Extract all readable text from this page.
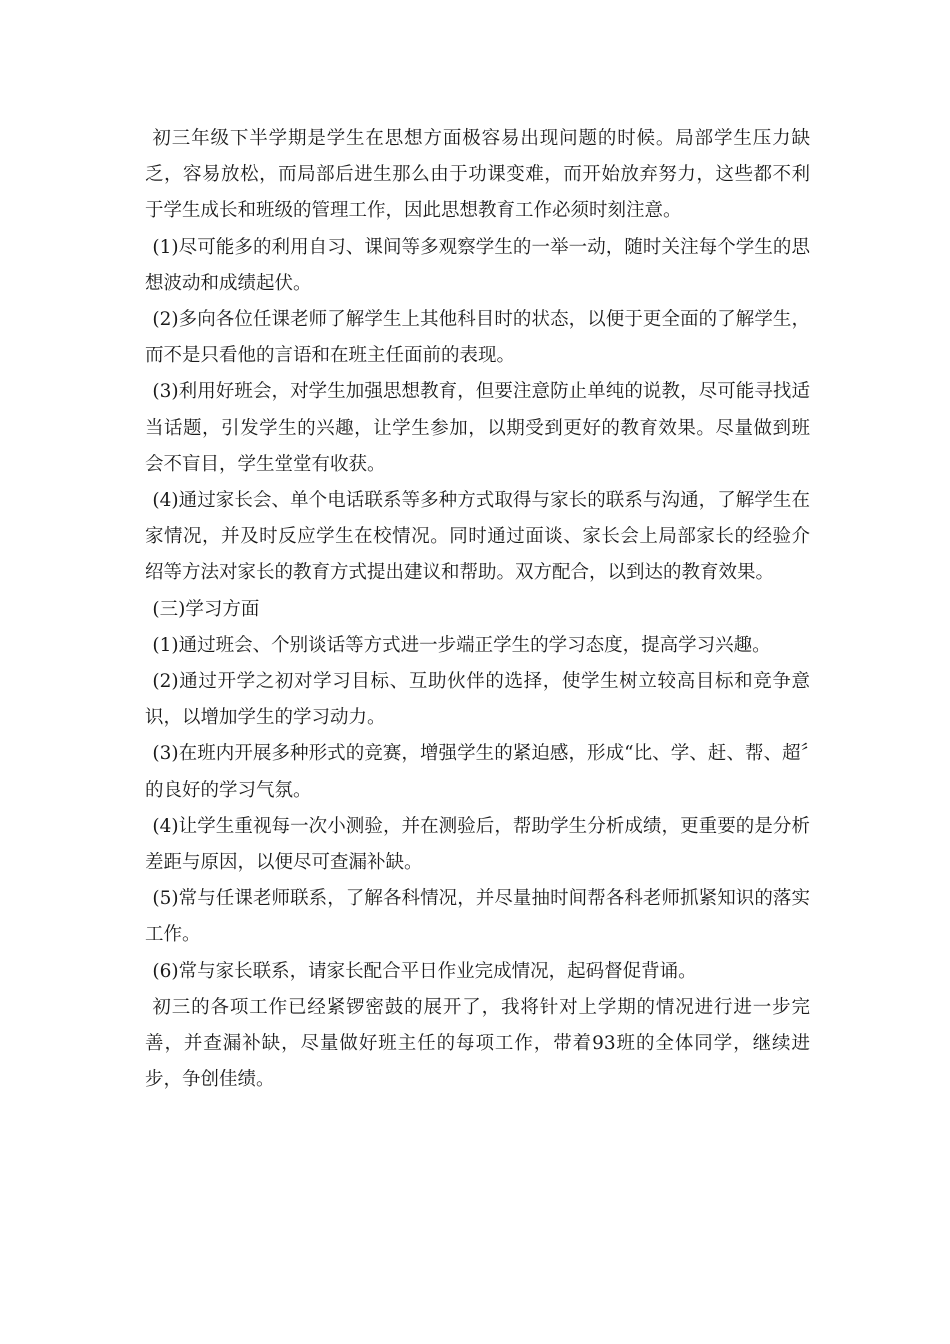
初三年级下半学期是学生在思想方面极容易出现问题的时候。局部学生压力缺乏，容易放松，而局部后进生那么由于功课变难，而开始放弃努力，这些都不利于学生成长和班级的管理工作，因此思想教育工作必须时刻注意。

(1)尽可能多的利用自习、课间等多观察学生的一举一动，随时关注每个学生的思想波动和成绩起伏。

(2)多向各位任课老师了解学生上其他科目时的状态，以便于更全面的了解学生，而不是只看他的言语和在班主任面前的表现。

(3)利用好班会，对学生加强思想教育，但要注意防止单纯的说教，尽可能寻找适当话题，引发学生的兴趣，让学生参加，以期受到更好的教育效果。尽量做到班会不盲目，学生堂堂有收获。

(4)通过家长会、单个电话联系等多种方式取得与家长的联系与沟通，了解学生在家情况，并及时反应学生在校情况。同时通过面谈、家长会上局部家长的经验介绍等方法对家长的教育方式提出建议和帮助。双方配合，以到达的教育效果。

(三)学习方面

(1)通过班会、个别谈话等方式进一步端正学生的学习态度，提高学习兴趣。

(2)通过开学之初对学习目标、互助伙伴的选择，使学生树立较高目标和竞争意识，以增加学生的学习动力。

(3)在班内开展多种形式的竞赛，增强学生的紧迫感，形成“比、学、赶、帮、超〞的良好的学习气氛。

(4)让学生重视每一次小测验，并在测验后，帮助学生分析成绩，更重要的是分析差距与原因，以便尽可查漏补缺。

(5)常与任课老师联系，了解各科情况，并尽量抽时间帮各科老师抓紧知识的落实工作。

(6)常与家长联系，请家长配合平日作业完成情况，起码督促背诵。

初三的各项工作已经紧锣密鼓的展开了，我将针对上学期的情况进行进一步完善，并查漏补缺，尽量做好班主任的每项工作，带着93班的全体同学，继续进步，争创佳绩。
